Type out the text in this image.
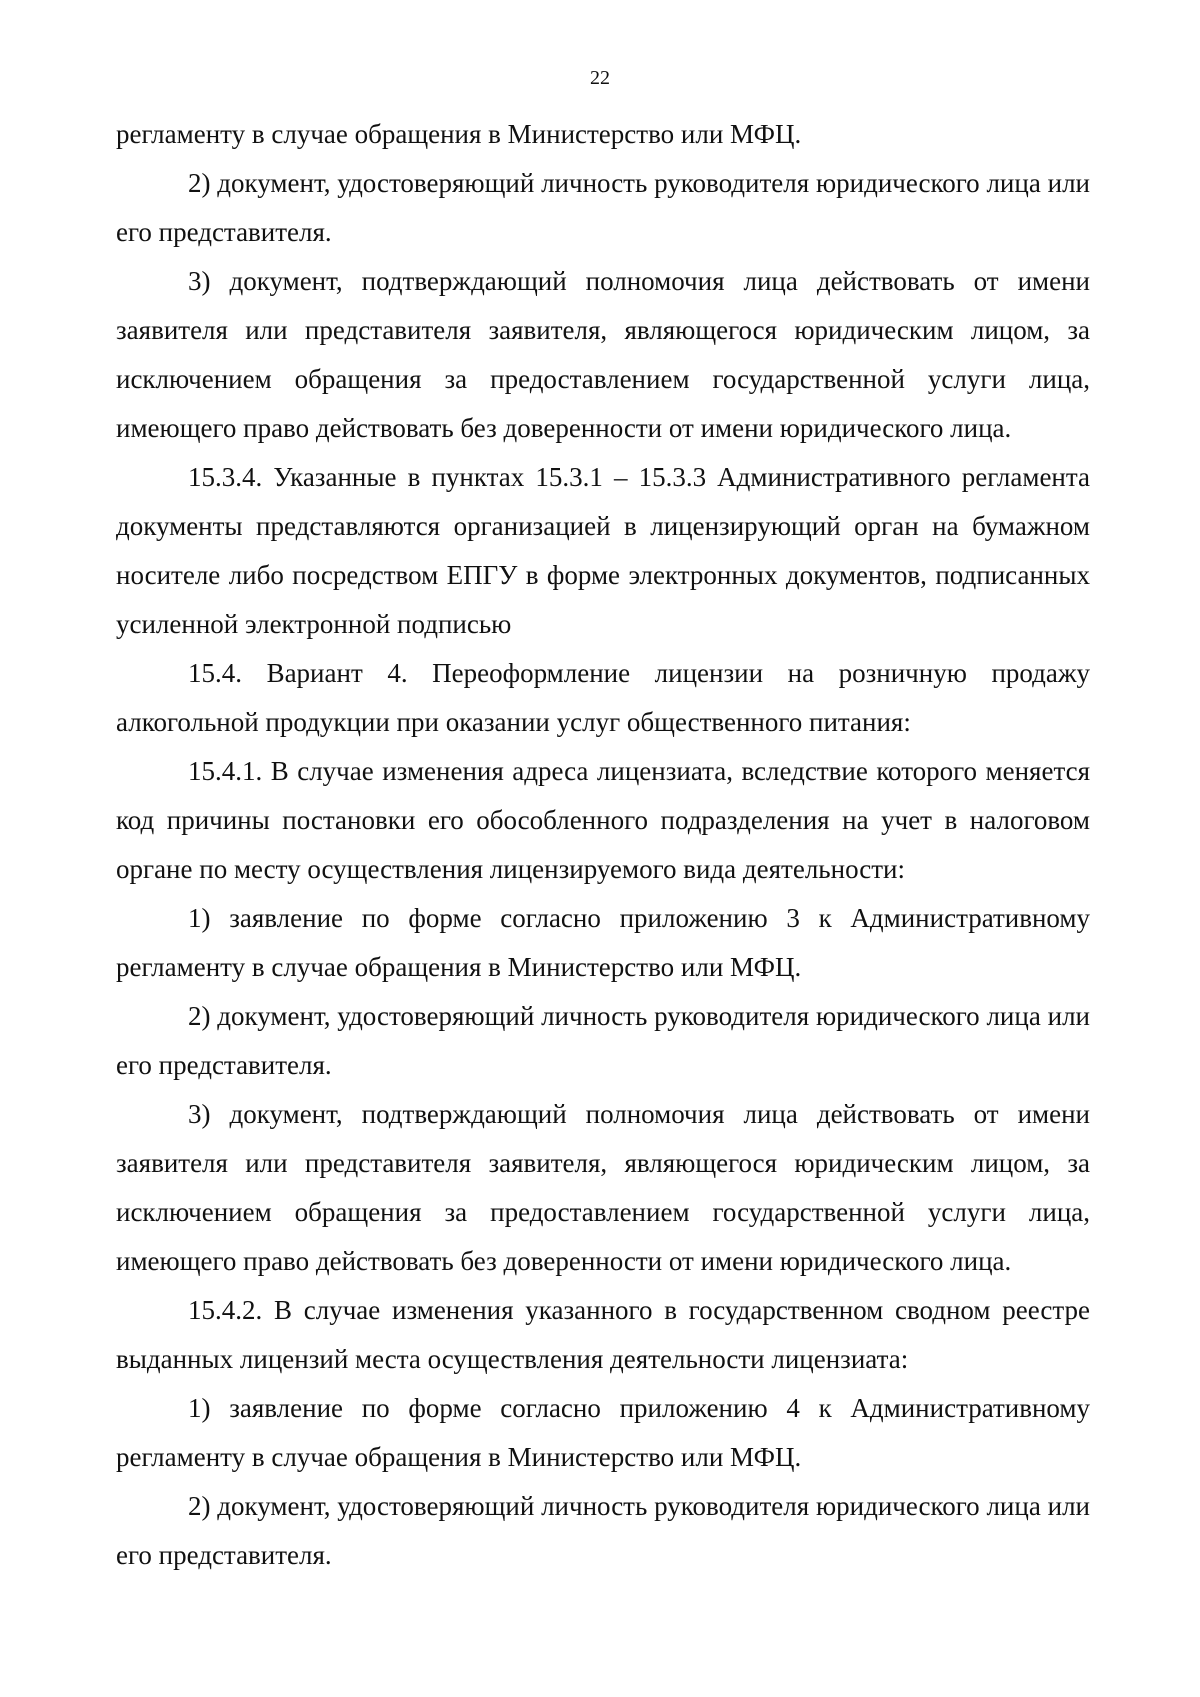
22

регламенту в случае обращения в Министерство или МФЦ.

2) документ, удостоверяющий личность руководителя юридического лица или его представителя.

3) документ, подтверждающий полномочия лица действовать от имени заявителя или представителя заявителя, являющегося юридическим лицом, за исключением обращения за предоставлением государственной услуги лица, имеющего право действовать без доверенности от имени юридического лица.

15.3.4. Указанные в пунктах 15.3.1 – 15.3.3 Административного регламента документы представляются организацией в лицензирующий орган на бумажном носителе либо посредством ЕПГУ в форме электронных документов, подписанных усиленной электронной подписью

15.4. Вариант 4. Переоформление лицензии на розничную продажу алкогольной продукции при оказании услуг общественного питания:

15.4.1. В случае изменения адреса лицензиата, вследствие которого меняется код причины постановки его обособленного подразделения на учет в налоговом органе по месту осуществления лицензируемого вида деятельности:

1) заявление по форме согласно приложению 3 к Административному регламенту в случае обращения в Министерство или МФЦ.

2) документ, удостоверяющий личность руководителя юридического лица или его представителя.

3) документ, подтверждающий полномочия лица действовать от имени заявителя или представителя заявителя, являющегося юридическим лицом, за исключением обращения за предоставлением государственной услуги лица, имеющего право действовать без доверенности от имени юридического лица.

15.4.2. В случае изменения указанного в государственном сводном реестре выданных лицензий места осуществления деятельности лицензиата:

1) заявление по форме согласно приложению 4 к Административному регламенту в случае обращения в Министерство или МФЦ.

2) документ, удостоверяющий личность руководителя юридического лица или его представителя.
